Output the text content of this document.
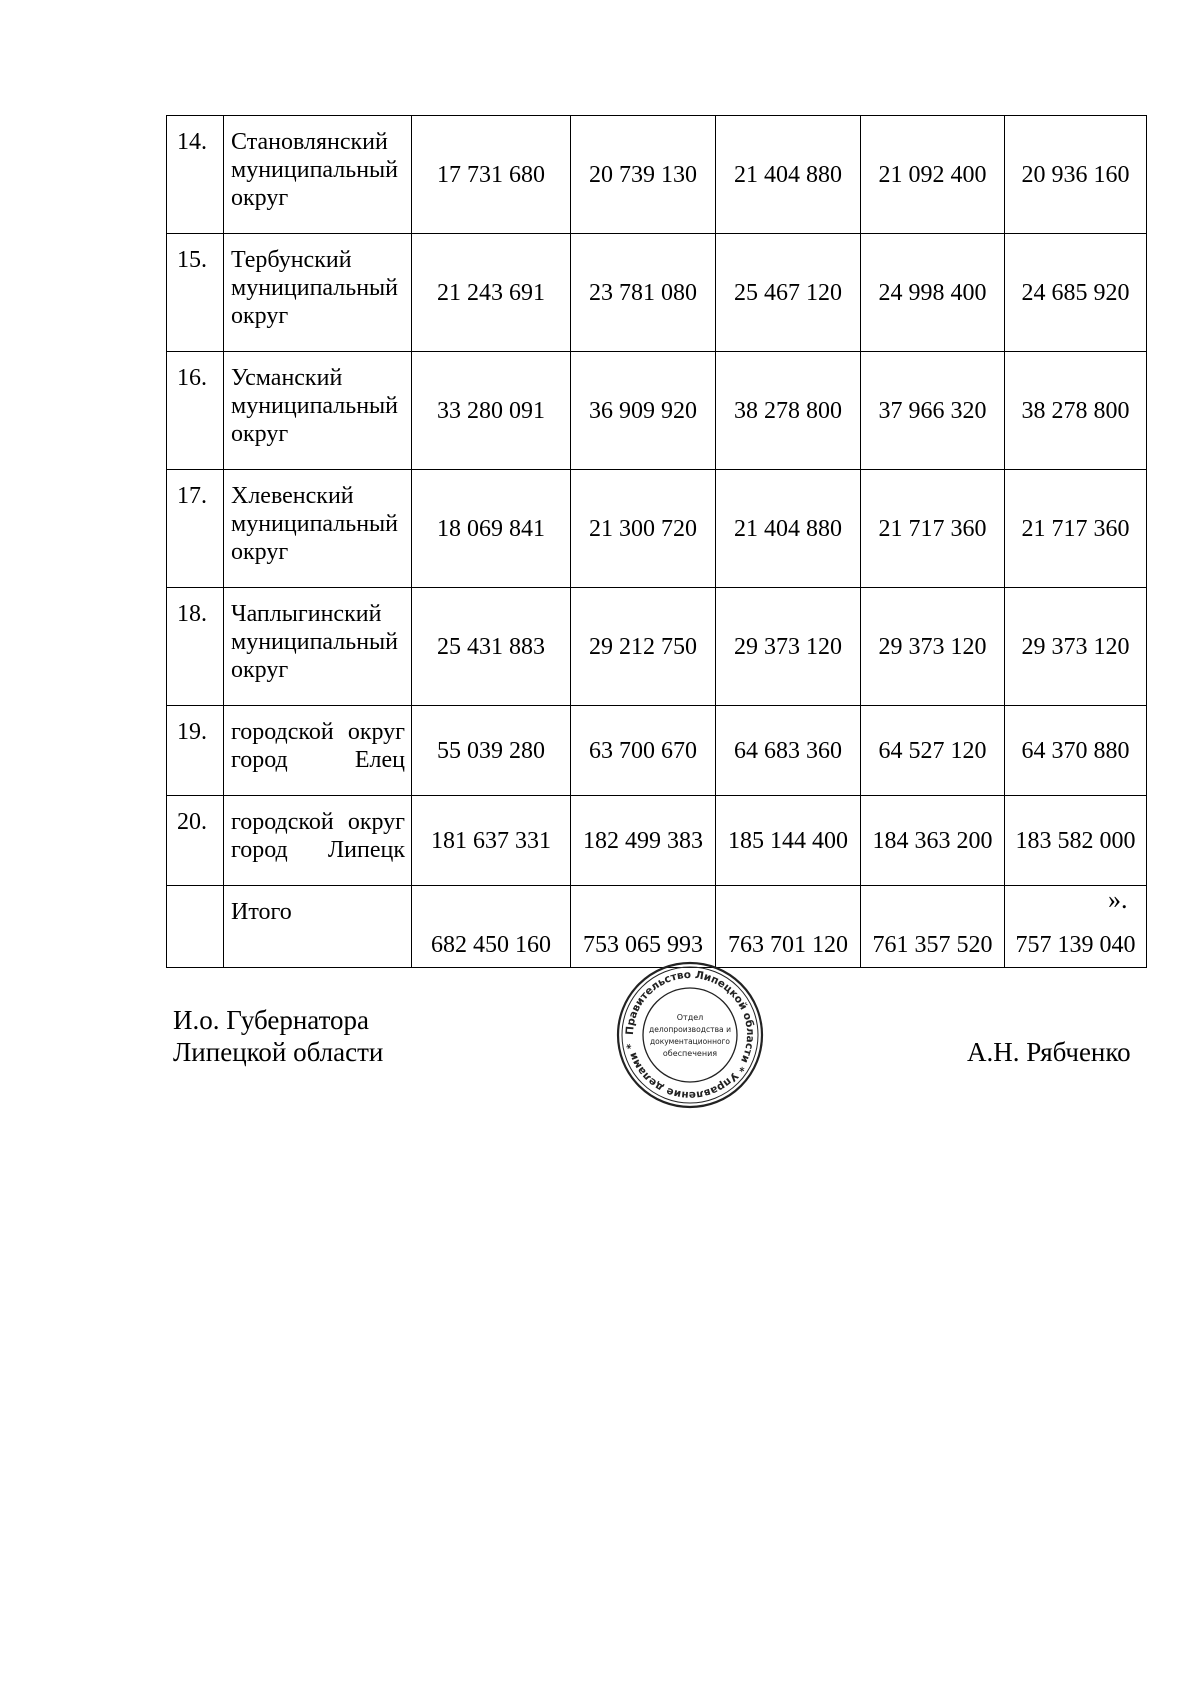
14.	Становлянский муниципальный округ	17 731 680	20 739 130	21 404 880	21 092 400	20 936 160
15.	Тербунский муниципальный округ	21 243 691	23 781 080	25 467 120	24 998 400	24 685 920
16.	Усманский муниципальный округ	33 280 091	36 909 920	38 278 800	37 966 320	38 278 800
17.	Хлевенский муниципальный округ	18 069 841	21 300 720	21 404 880	21 717 360	21 717 360
18.	Чаплыгинский муниципальный округ	25 431 883	29 212 750	29 373 120	29 373 120	29 373 120
19.	городской округ город Елец	55 039 280	63 700 670	64 683 360	64 527 120	64 370 880
20.	городской округ город Липецк	181 637 331	182 499 383	185 144 400	184 363 200	183 582 000
	Итого	682 450 160	753 065 993	763 701 120	761 357 520	757 139 040
».
И.о. Губернатора
Липецкой области	А.Н. Рябченко
Правительство Липецкой области * Управление делами *
Отдел
делопроизводства и
документационного
обеспечения
